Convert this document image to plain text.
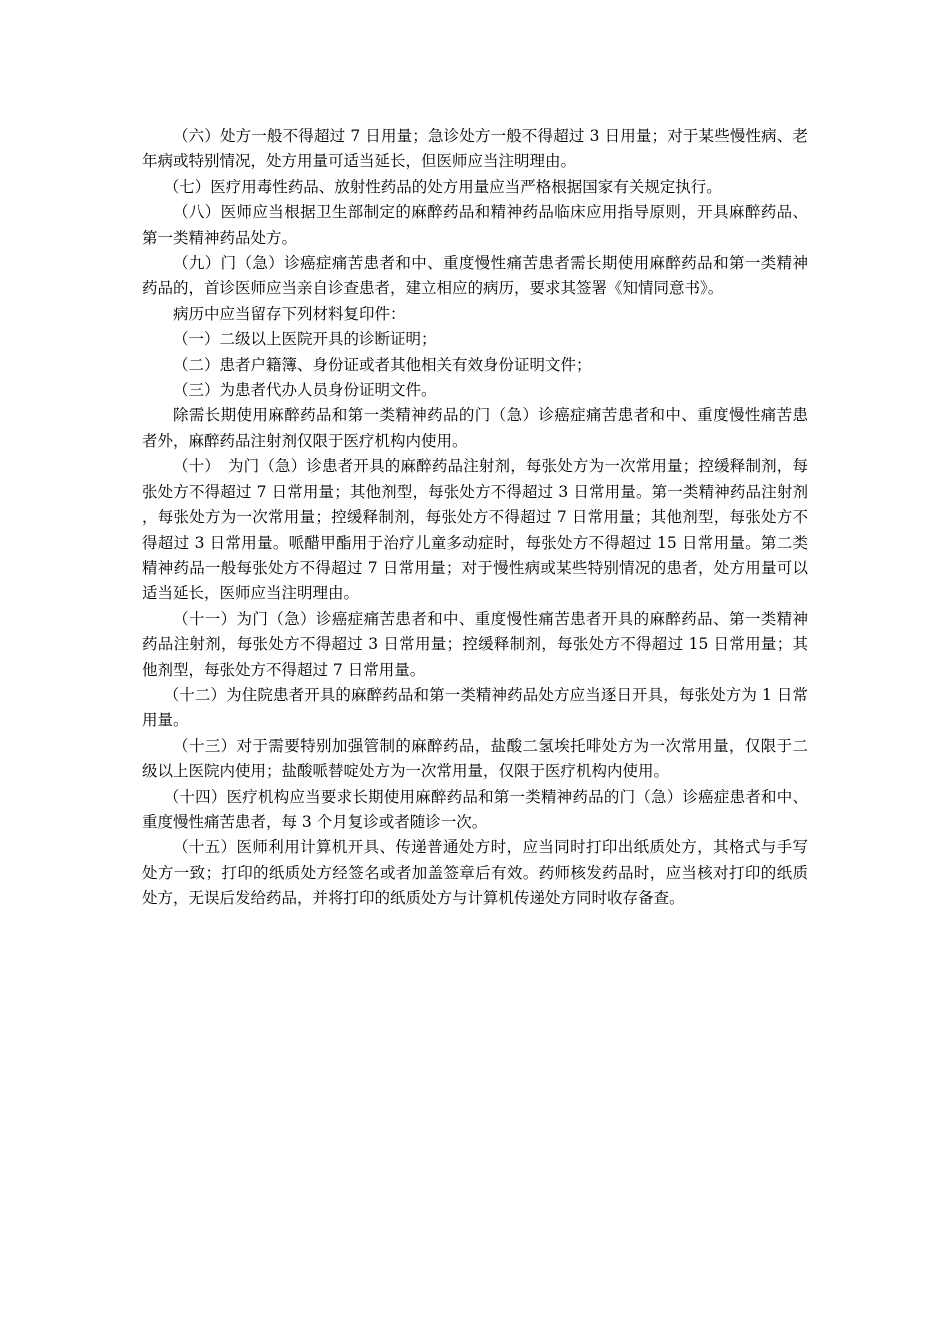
（六）处方一般不得超过 7 日用量；急诊处方一般不得超过 3 日用量；对于某些慢性病、老年病或特别情况，处方用量可适当延长，但医师应当注明理由。

（七）医疗用毒性药品、放射性药品的处方用量应当严格根据国家有关规定执行。

（八）医师应当根据卫生部制定的麻醉药品和精神药品临床应用指导原则，开具麻醉药品、第一类精神药品处方。

（九）门（急）诊癌症痛苦患者和中、重度慢性痛苦患者需长期使用麻醉药品和第一类精神药品的，首诊医师应当亲自诊查患者，建立相应的病历，要求其签署《知情同意书》。

病历中应当留存下列材料复印件：

（一）二级以上医院开具的诊断证明；

（二）患者户籍簿、身份证或者其他相关有效身份证明文件；

（三）为患者代办人员身份证明文件。

除需长期使用麻醉药品和第一类精神药品的门（急）诊癌症痛苦患者和中、重度慢性痛苦患者外，麻醉药品注射剂仅限于医疗机构内使用。

（十）　为门（急）诊患者开具的麻醉药品注射剂，每张处方为一次常用量；控缓释制剂，每张处方不得超过 7 日常用量；其他剂型，每张处方不得超过 3 日常用量。第一类精神药品注射剂，每张处方为一次常用量；控缓释制剂，每张处方不得超过 7 日常用量；其他剂型，每张处方不得超过 3 日常用量。哌醋甲酯用于治疗儿童多动症时，每张处方不得超过 15 日常用量。第二类精神药品一般每张处方不得超过 7 日常用量；对于慢性病或某些特别情况的患者，处方用量可以适当延长，医师应当注明理由。

（十一）为门（急）诊癌症痛苦患者和中、重度慢性痛苦患者开具的麻醉药品、第一类精神药品注射剂，每张处方不得超过 3 日常用量；控缓释制剂，每张处方不得超过 15 日常用量；其他剂型，每张处方不得超过 7 日常用量。

（十二）为住院患者开具的麻醉药品和第一类精神药品处方应当逐日开具，每张处方为 1 日常用量。

（十三）对于需要特别加强管制的麻醉药品，盐酸二氢埃托啡处方为一次常用量，仅限于二级以上医院内使用；盐酸哌替啶处方为一次常用量，仅限于医疗机构内使用。

（十四）医疗机构应当要求长期使用麻醉药品和第一类精神药品的门（急）诊癌症患者和中、重度慢性痛苦患者，每 3 个月复诊或者随诊一次。

（十五）医师利用计算机开具、传递普通处方时，应当同时打印出纸质处方，其格式与手写处方一致；打印的纸质处方经签名或者加盖签章后有效。药师核发药品时，应当核对打印的纸质处方，无误后发给药品，并将打印的纸质处方与计算机传递处方同时收存备查。
